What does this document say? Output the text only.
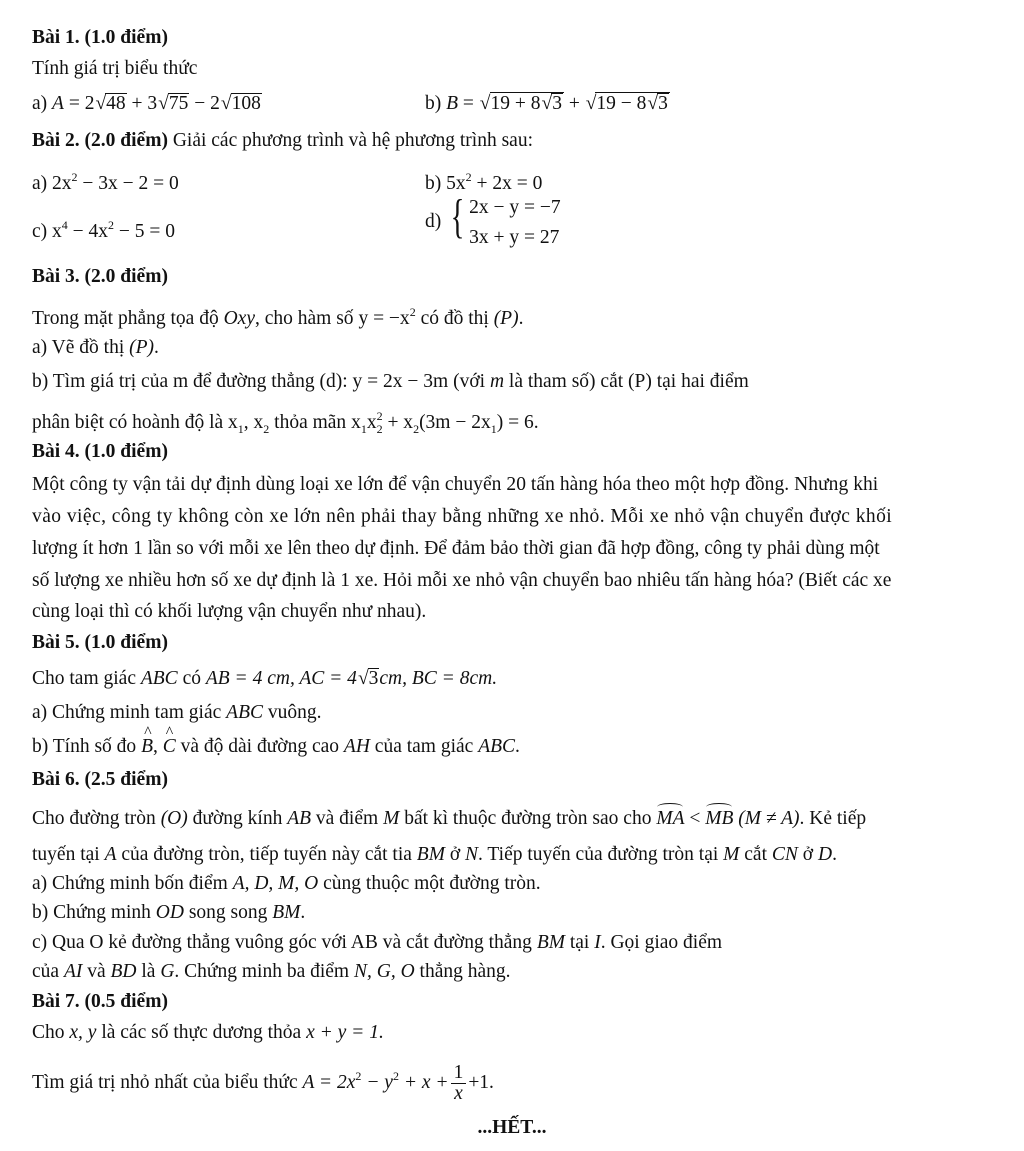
Bài 1. (1.0 điểm)
Tính giá trị biểu thức
a) A = 2√48 + 3√75 − 2√108	b) B = √19 + 8√3 + √19 − 8√3
Bài 2. (2.0 điểm) Giải các phương trình và hệ phương trình sau:
a) $2x^2 - 3x - 2 = 0$	b) $5x^2 + 2x = 0$
c) $x^4 - 4x^2 - 5 = 0$	d) { 2x − y = −7
3x + y = 27
Bài 3. (2.0 điểm)
Trong mặt phẳng tọa độ Oxy, cho hàm số $y = -x^2$ có đồ thị (P).
a) Vẽ đồ thị (P).
b) Tìm giá trị của m để đường thẳng (d): y = 2x − 3m (với m là tham số) cắt (P) tại hai điểm
phân biệt có hoành độ là $x_1$, $x_2$ thỏa mãn $x_1x_2^2 + x_2(3m - 2x_1) = 6$.
Bài 4. (1.0 điểm)
Một công ty vận tải dự định dùng loại xe lớn để vận chuyển 20 tấn hàng hóa theo một hợp đồng. Nhưng khi
vào việc, công ty không còn xe lớn nên phải thay bằng những xe nhỏ. Mỗi xe nhỏ vận chuyển được khối
lượng ít hơn 1 lần so với mỗi xe lên theo dự định. Để đảm bảo thời gian đã hợp đồng, công ty phải dùng một
số lượng xe nhiều hơn số xe dự định là 1 xe. Hỏi mỗi xe nhỏ vận chuyển bao nhiêu tấn hàng hóa? (Biết các xe
cùng loại thì có khối lượng vận chuyển như nhau).
Bài 5. (1.0 điểm)
Cho tam giác ABC có AB = 4 cm, AC = 4√3cm, BC = 8cm.
a) Chứng minh tam giác ABC vuông.
b) Tính số đo ^ B, ^ C và độ dài đường cao AH của tam giác ABC.
Bài 6. (2.5 điểm)
Cho đường tròn (O) đường kính AB và điểm M bất kì thuộc đường tròn sao cho MA < MB (M ≠ A). Kẻ tiếp
tuyến tại A của đường tròn, tiếp tuyến này cắt tia BM ở N. Tiếp tuyến của đường tròn tại M cắt CN ở D.
a) Chứng minh bốn điểm A, D, M, O cùng thuộc một đường tròn.
b) Chứng minh OD song song BM.
c) Qua O kẻ đường thẳng vuông góc với AB và cắt đường thẳng BM tại I. Gọi giao điểm
của AI và BD là G. Chứng minh ba điểm N, G, O thẳng hàng.
Bài 7. (0.5 điểm)
Cho x, y là các số thực dương thỏa x + y = 1.
Tìm giá trị nhỏ nhất của biểu thức $A = 2x^2 - y^2 + x + \frac{1}{x} +1$.
...HẾT...
